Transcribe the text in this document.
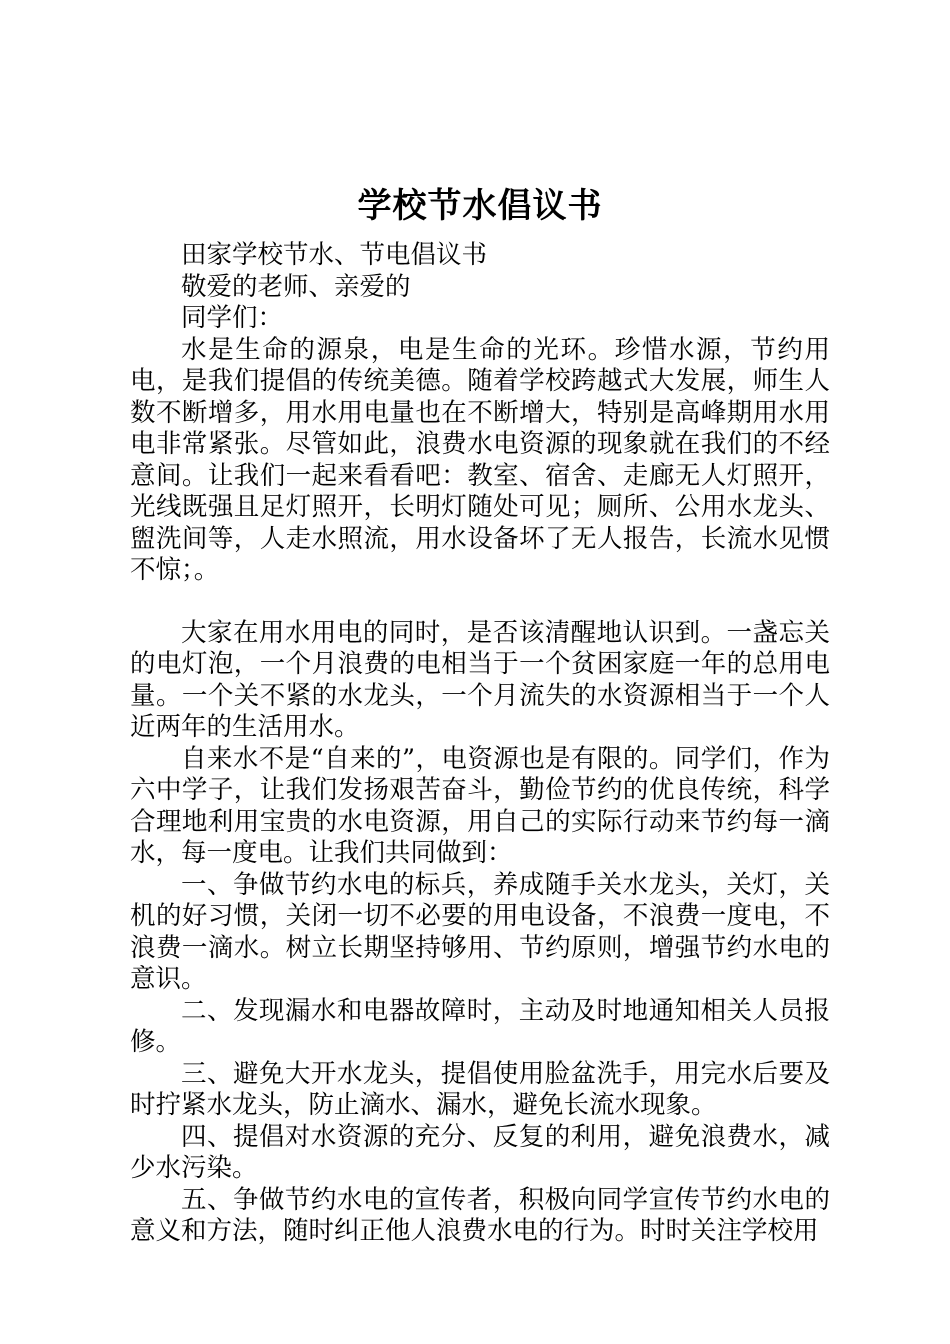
学校节水倡议书

田家学校节水、节电倡议书

敬爱的老师、亲爱的

同学们：

水是生命的源泉，电是生命的光环。珍惜水源，节约用电，是我们提倡的传统美德。随着学校跨越式大发展，师生人数不断增多，用水用电量也在不断增大，特别是高峰期用水用电非常紧张。尽管如此，浪费水电资源的现象就在我们的不经意间。让我们一起来看看吧：教室、宿舍、走廊无人灯照开，光线既强且足灯照开，长明灯随处可见；厕所、公用水龙头、盥洗间等，人走水照流，用水设备坏了无人报告，长流水见惯不惊；。

大家在用水用电的同时，是否该清醒地认识到。一盏忘关的电灯泡，一个月浪费的电相当于一个贫困家庭一年的总用电量。一个关不紧的水龙头，一个月流失的水资源相当于一个人近两年的生活用水。

自来水不是“自来的”，电资源也是有限的。同学们，作为六中学子，让我们发扬艰苦奋斗，勤俭节约的优良传统，科学合理地利用宝贵的水电资源，用自己的实际行动来节约每一滴水，每一度电。让我们共同做到：

一、争做节约水电的标兵，养成随手关水龙头，关灯，关机的好习惯，关闭一切不必要的用电设备，不浪费一度电，不浪费一滴水。树立长期坚持够用、节约原则，增强节约水电的意识。

二、发现漏水和电器故障时，主动及时地通知相关人员报修。

三、避免大开水龙头，提倡使用脸盆洗手，用完水后要及时拧紧水龙头，防止滴水、漏水，避免长流水现象。

四、提倡对水资源的充分、反复的利用，避免浪费水，减少水污染。

五、争做节约水电的宣传者，积极向同学宣传节约水电的意义和方法，随时纠正他人浪费水电的行为。时时关注学校用
